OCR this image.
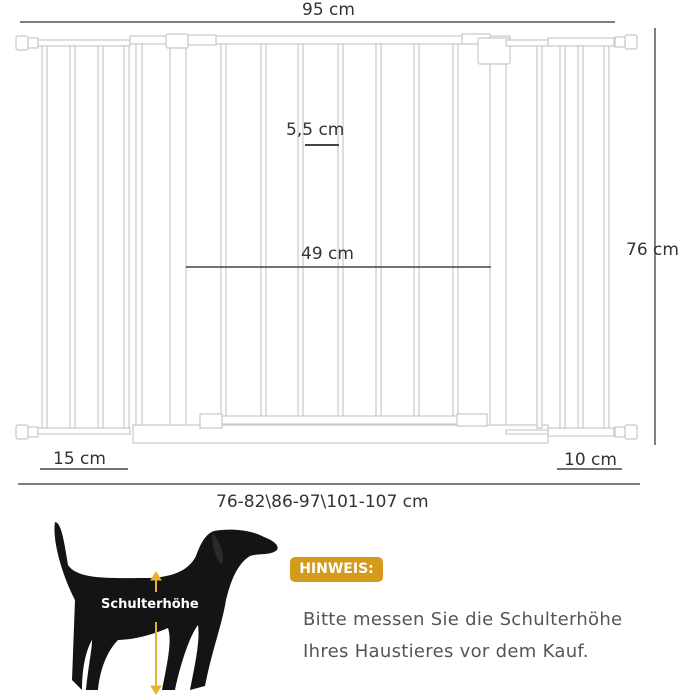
95 cm
76 cm
5,5 cm
49 cm
15 cm	10 cm
76-82\86-97\101-107 cm
Schulterhöhe
HINWEIS:
Bitte messen Sie die Schulterhöhe
Ihres Haustieres vor dem Kauf.
